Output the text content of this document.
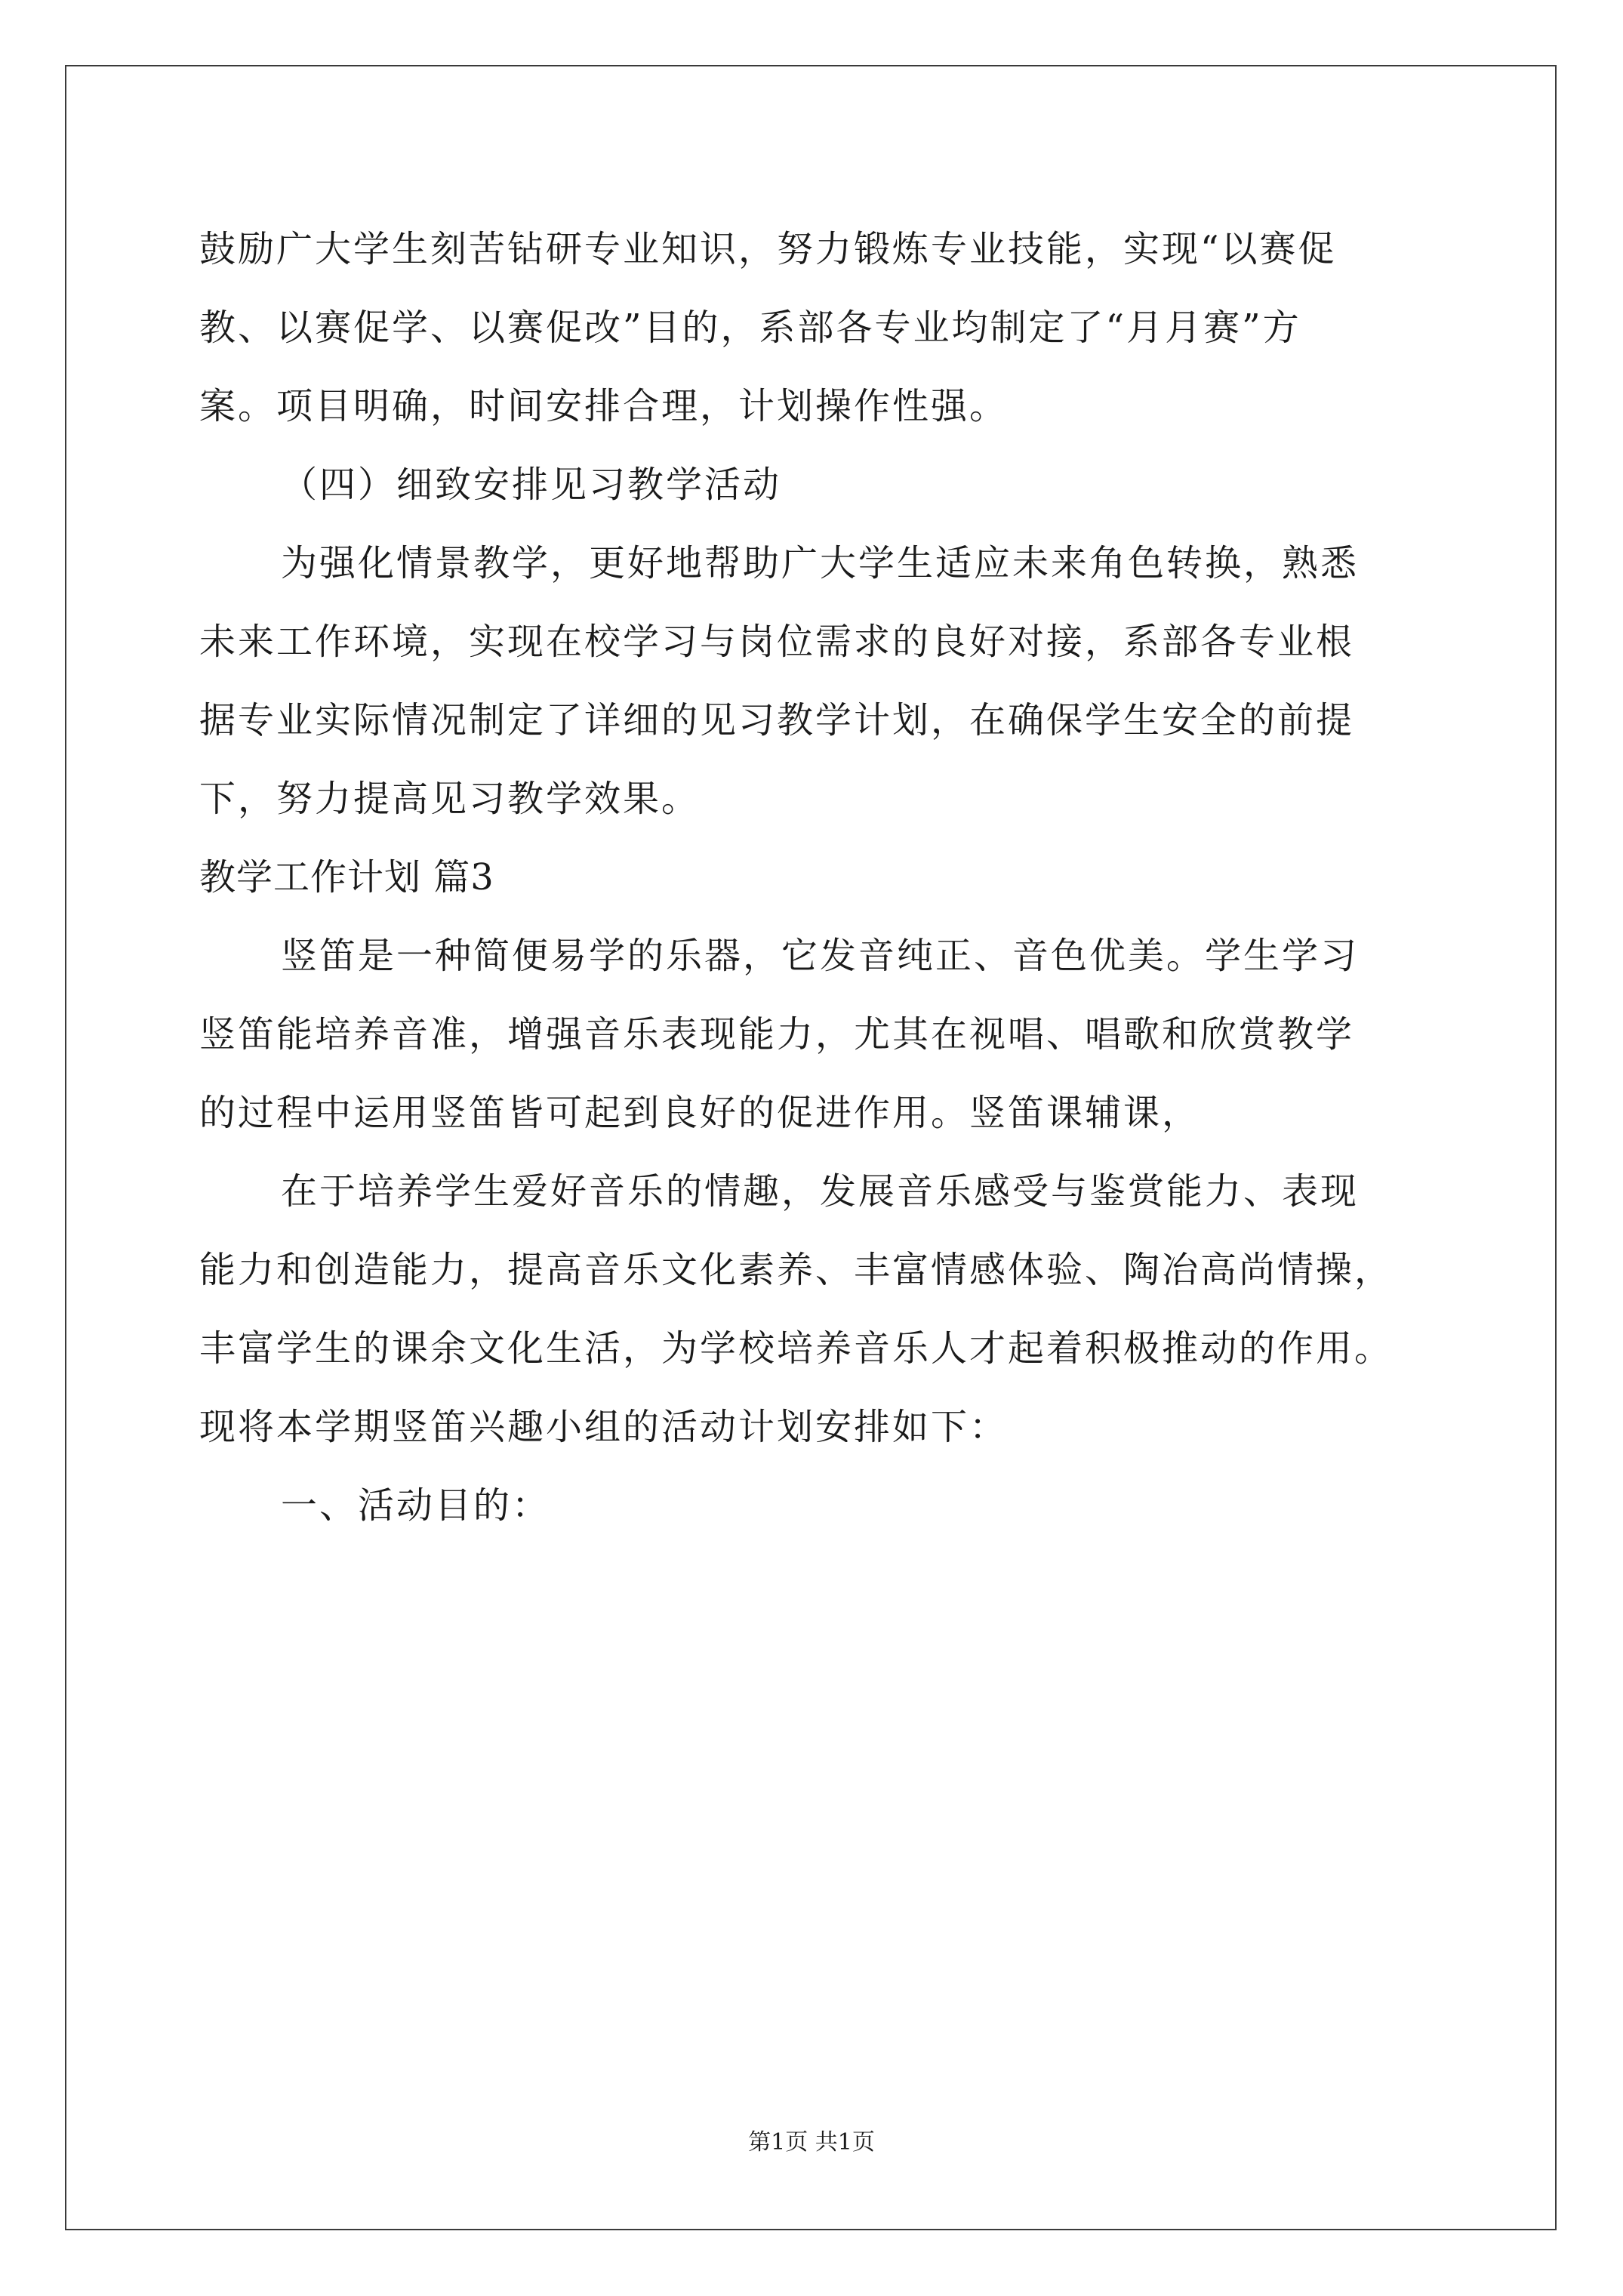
鼓励广大学生刻苦钻研专业知识，努力锻炼专业技能，实现“以赛促
教、以赛促学、以赛促改”目的，系部各专业均制定了“月月赛”方
案。项目明确，时间安排合理，计划操作性强。
（四）细致安排见习教学活动
为强化情景教学，更好地帮助广大学生适应未来角色转换，熟悉
未来工作环境，实现在校学习与岗位需求的良好对接，系部各专业根
据专业实际情况制定了详细的见习教学计划，在确保学生安全的前提
下，努力提高见习教学效果。
教学工作计划 篇3
竖笛是一种简便易学的乐器，它发音纯正、音色优美。学生学习
竖笛能培养音准，增强音乐表现能力，尤其在视唱、唱歌和欣赏教学
的过程中运用竖笛皆可起到良好的促进作用。竖笛课辅课，
在于培养学生爱好音乐的情趣，发展音乐感受与鉴赏能力、表现
能力和创造能力，提高音乐文化素养、丰富情感体验、陶冶高尚情操，
丰富学生的课余文化生活，为学校培养音乐人才起着积极推动的作用。
现将本学期竖笛兴趣小组的活动计划安排如下：
一、活动目的：
第1页 共1页
